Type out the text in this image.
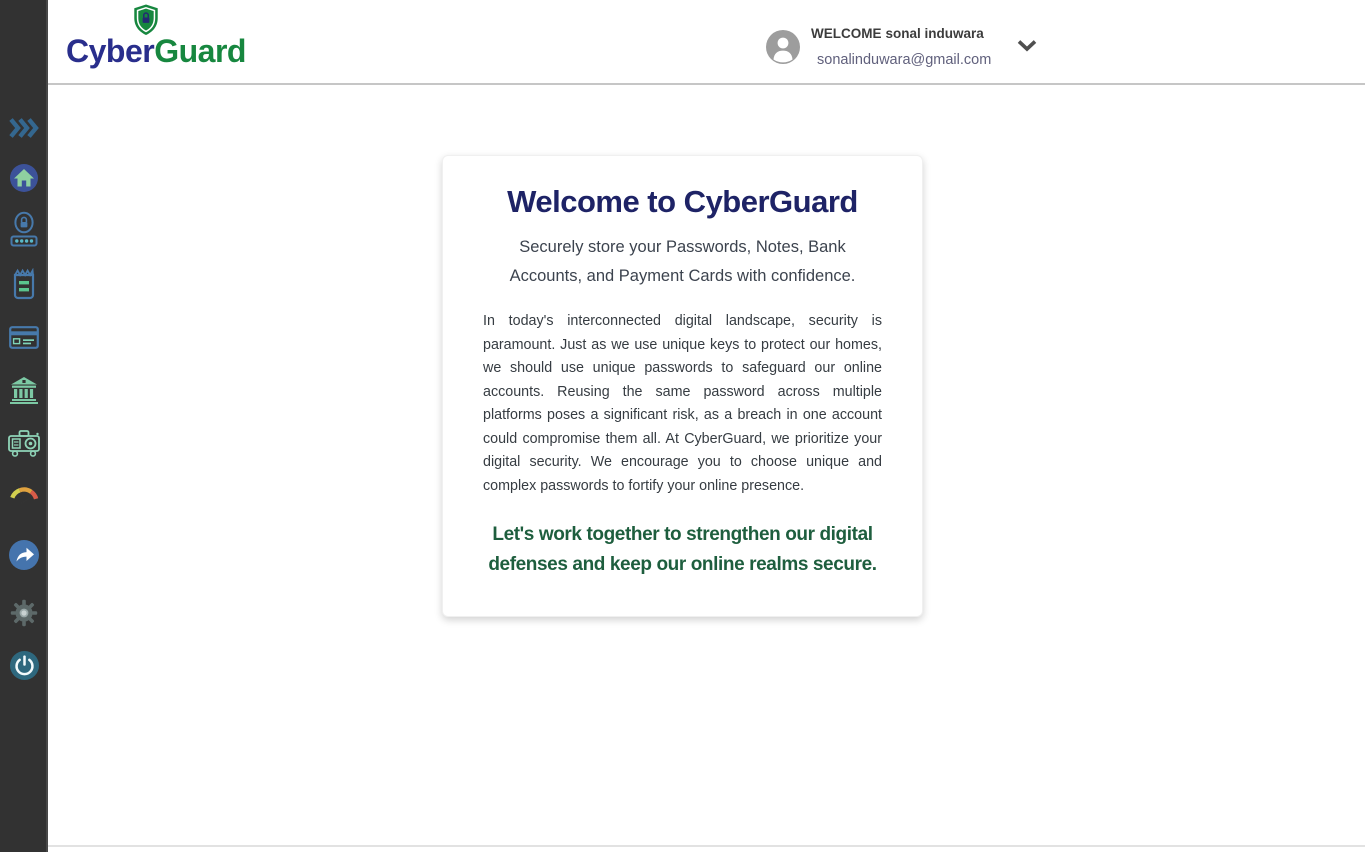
CyberGuard	WELCOME sonal induwara
sonalinduwara@gmail.com
Welcome to CyberGuard
Securely store your Passwords, Notes, Bank Accounts, and Payment Cards with confidence.
In today's interconnected digital landscape, security is paramount. Just as we use unique keys to protect our homes, we should use unique passwords to safeguard our online accounts. Reusing the same password across multiple platforms poses a significant risk, as a breach in one account could compromise them all. At CyberGuard, we prioritize your digital security. We encourage you to choose unique and complex passwords to fortify your online presence.
Let's work together to strengthen our digital defenses and keep our online realms secure.
